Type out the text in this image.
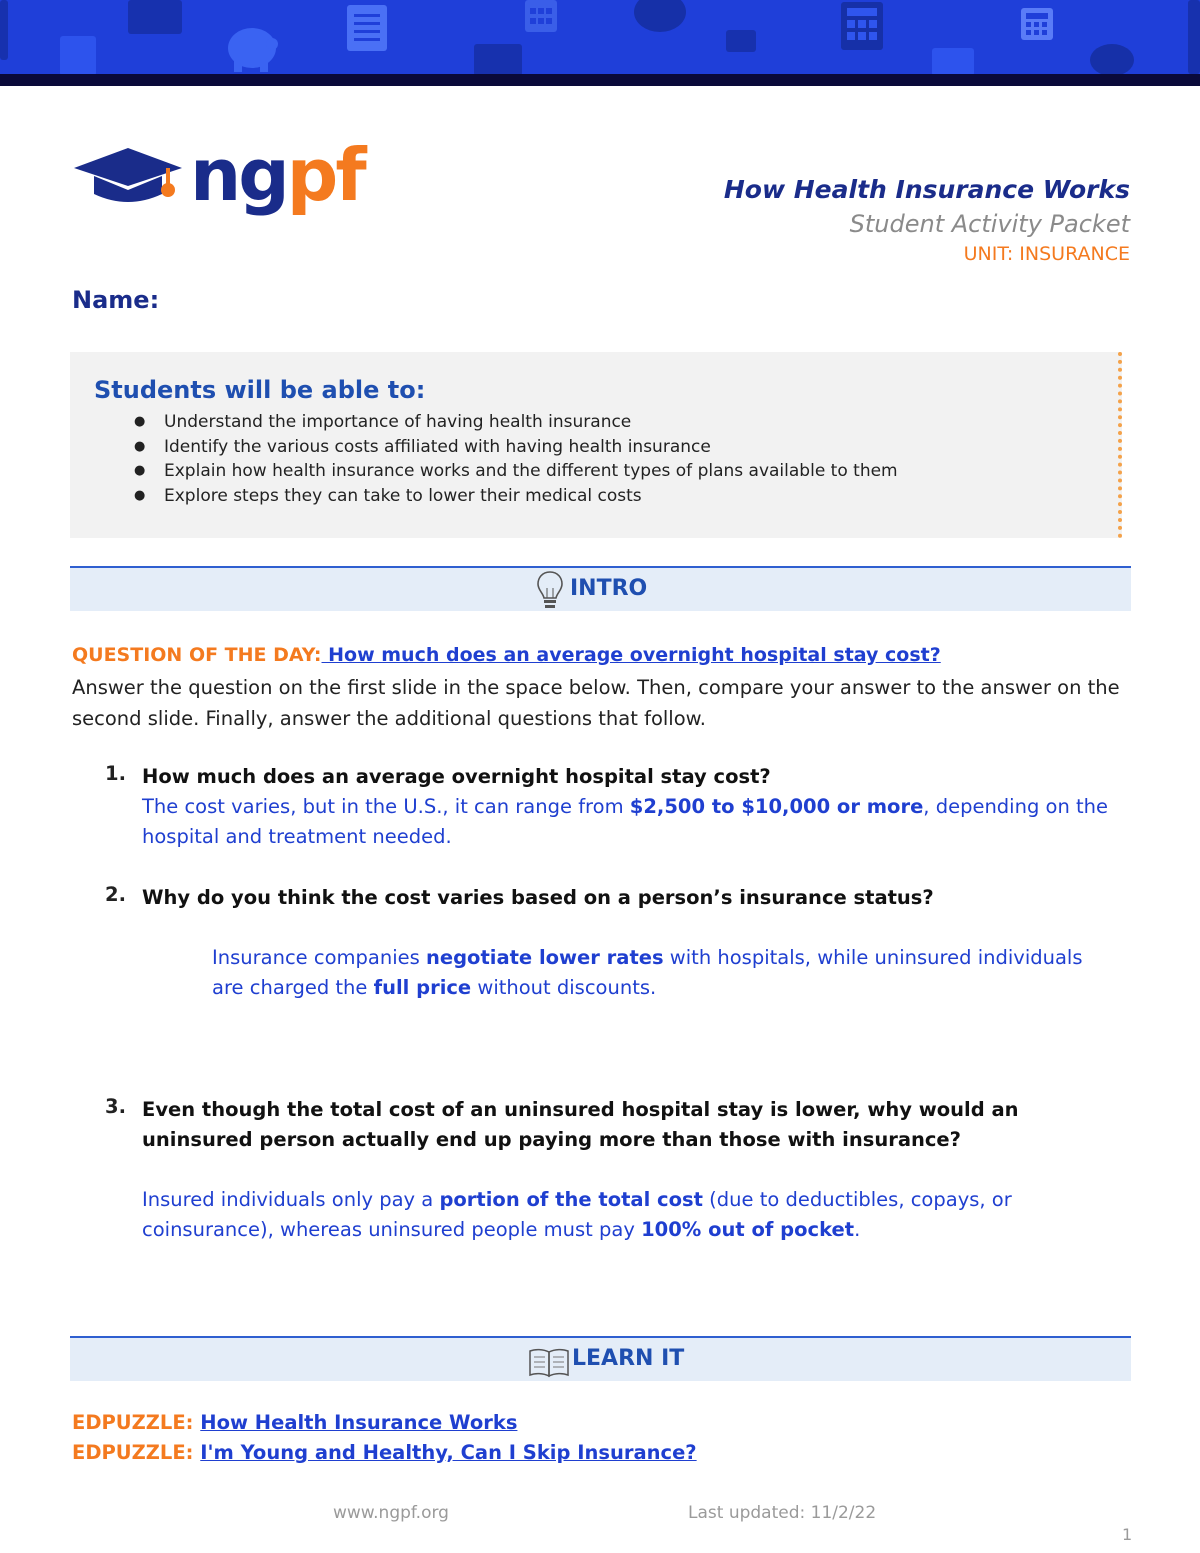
ngpf	How Health Insurance Works
Student Activity Packet
UNIT: INSURANCE
Name:
Students will be able to:
● Understand the importance of having health insurance
● Identify the various costs affiliated with having health insurance
● Explain how health insurance works and the different types of plans available to them
● Explore steps they can take to lower their medical costs
INTRO
QUESTION OF THE DAY: How much does an average overnight hospital stay cost?
Answer the question on the first slide in the space below. Then, compare your answer to the answer on the second slide. Finally, answer the additional questions that follow.
1. How much does an average overnight hospital stay cost?
The cost varies, but in the U.S., it can range from $2,500 to $10,000 or more, depending on the hospital and treatment needed.
2. Why do you think the cost varies based on a person’s insurance status?
Insurance companies negotiate lower rates with hospitals, while uninsured individuals are charged the full price without discounts.
3. Even though the total cost of an uninsured hospital stay is lower, why would an uninsured person actually end up paying more than those with insurance?
Insured individuals only pay a portion of the total cost (due to deductibles, copays, or coinsurance), whereas uninsured people must pay 100% out of pocket.
LEARN IT
EDPUZZLE: How Health Insurance Works
EDPUZZLE: I'm Young and Healthy, Can I Skip Insurance?
www.ngpf.org	Last updated: 11/2/22
1
